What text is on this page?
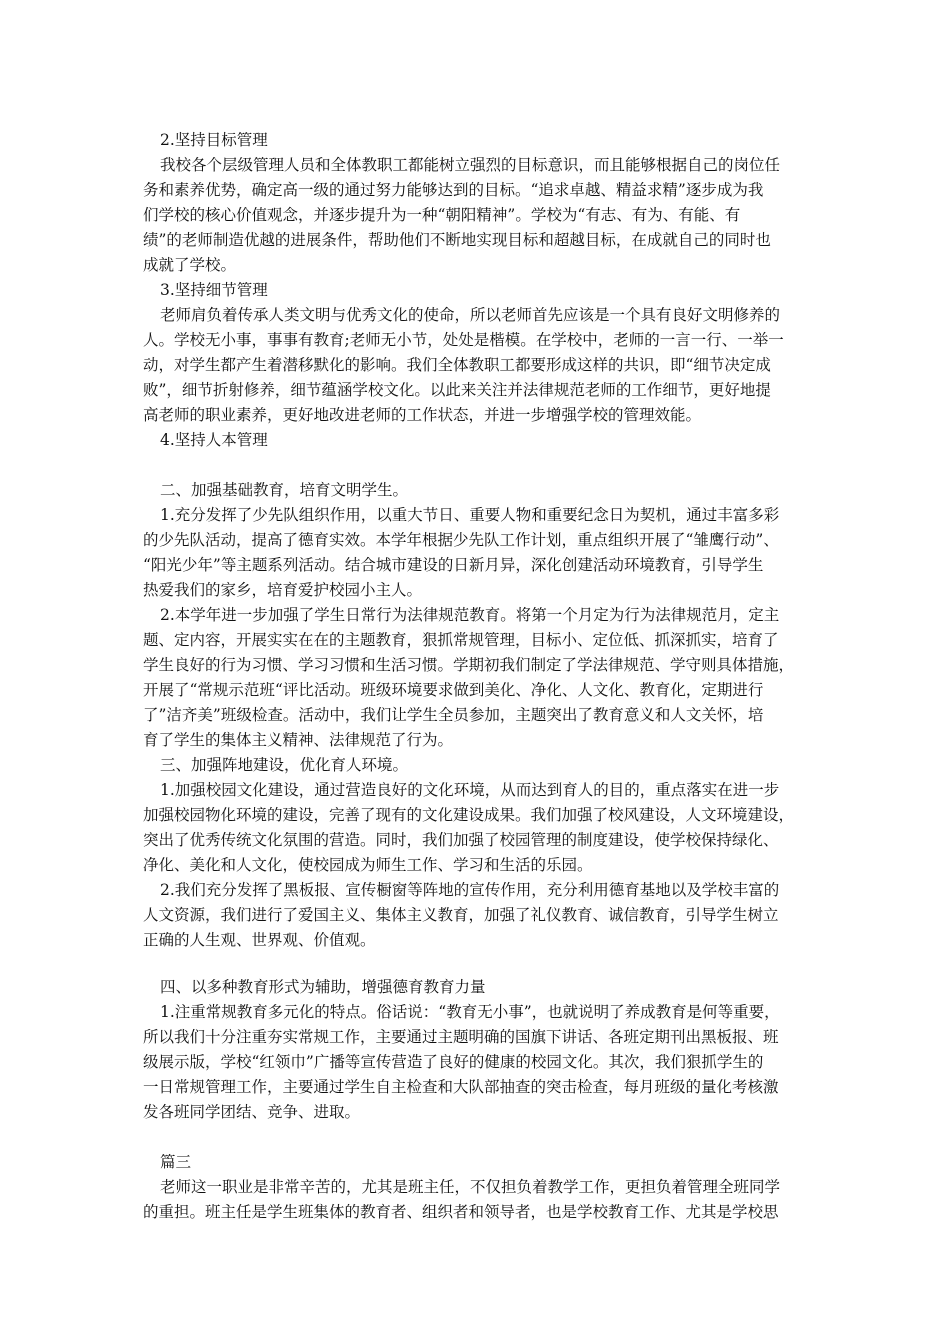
2.坚持目标管理
我校各个层级管理人员和全体教职工都能树立强烈的目标意识，而且能够根据自己的岗位任
务和素养优势，确定高一级的通过努力能够达到的目标。“追求卓越、精益求精”逐步成为我
们学校的核心价值观念，并逐步提升为一种“朝阳精神”。学校为“有志、有为、有能、有
绩”的老师制造优越的进展条件，帮助他们不断地实现目标和超越目标，在成就自己的同时也
成就了学校。
3.坚持细节管理
老师肩负着传承人类文明与优秀文化的使命，所以老师首先应该是一个具有良好文明修养的
人。学校无小事，事事有教育;老师无小节，处处是楷模。在学校中，老师的一言一行、一举一
动，对学生都产生着潜移默化的影响。我们全体教职工都要形成这样的共识，即“细节决定成
败”，细节折射修养，细节蕴涵学校文化。以此来关注并法律规范老师的工作细节，更好地提
高老师的职业素养，更好地改进老师的工作状态，并进一步增强学校的管理效能。
4.坚持人本管理
二、加强基础教育，培育文明学生。
1.充分发挥了少先队组织作用，以重大节日、重要人物和重要纪念日为契机，通过丰富多彩
的少先队活动，提高了德育实效。本学年根据少先队工作计划，重点组织开展了“雏鹰行动”、
“阳光少年”等主题系列活动。结合城市建设的日新月异，深化创建活动环境教育，引导学生
热爱我们的家乡，培育爱护校园小主人。
2.本学年进一步加强了学生日常行为法律规范教育。将第一个月定为行为法律规范月，定主
题、定内容，开展实实在在的主题教育，狠抓常规管理，目标小、定位低、抓深抓实，培育了
学生良好的行为习惯、学习习惯和生活习惯。学期初我们制定了学法律规范、学守则具体措施，
开展了“常规示范班“评比活动。班级环境要求做到美化、净化、人文化、教育化，定期进行
了”洁齐美”班级检查。活动中，我们让学生全员参加，主题突出了教育意义和人文关怀，培
育了学生的集体主义精神、法律规范了行为。
三、加强阵地建设，优化育人环境。
1.加强校园文化建设，通过营造良好的文化环境，从而达到育人的目的，重点落实在进一步
加强校园物化环境的建设，完善了现有的文化建设成果。我们加强了校风建设，人文环境建设，
突出了优秀传统文化氛围的营造。同时，我们加强了校园管理的制度建设，使学校保持绿化、
净化、美化和人文化，使校园成为师生工作、学习和生活的乐园。
2.我们充分发挥了黑板报、宣传橱窗等阵地的宣传作用，充分利用德育基地以及学校丰富的
人文资源，我们进行了爱国主义、集体主义教育，加强了礼仪教育、诚信教育，引导学生树立
正确的人生观、世界观、价值观。
四、以多种教育形式为辅助，增强德育教育力量
1.注重常规教育多元化的特点。俗话说：“教育无小事”，也就说明了养成教育是何等重要，
所以我们十分注重夯实常规工作，主要通过主题明确的国旗下讲话、各班定期刊出黑板报、班
级展示版，学校“红领巾”广播等宣传营造了良好的健康的校园文化。其次，我们狠抓学生的
一日常规管理工作，主要通过学生自主检查和大队部抽查的突击检查，每月班级的量化考核激
发各班同学团结、竞争、进取。
篇三
老师这一职业是非常辛苦的，尤其是班主任，不仅担负着教学工作，更担负着管理全班同学
的重担。班主任是学生班集体的教育者、组织者和领导者，也是学校教育工作、尤其是学校思
